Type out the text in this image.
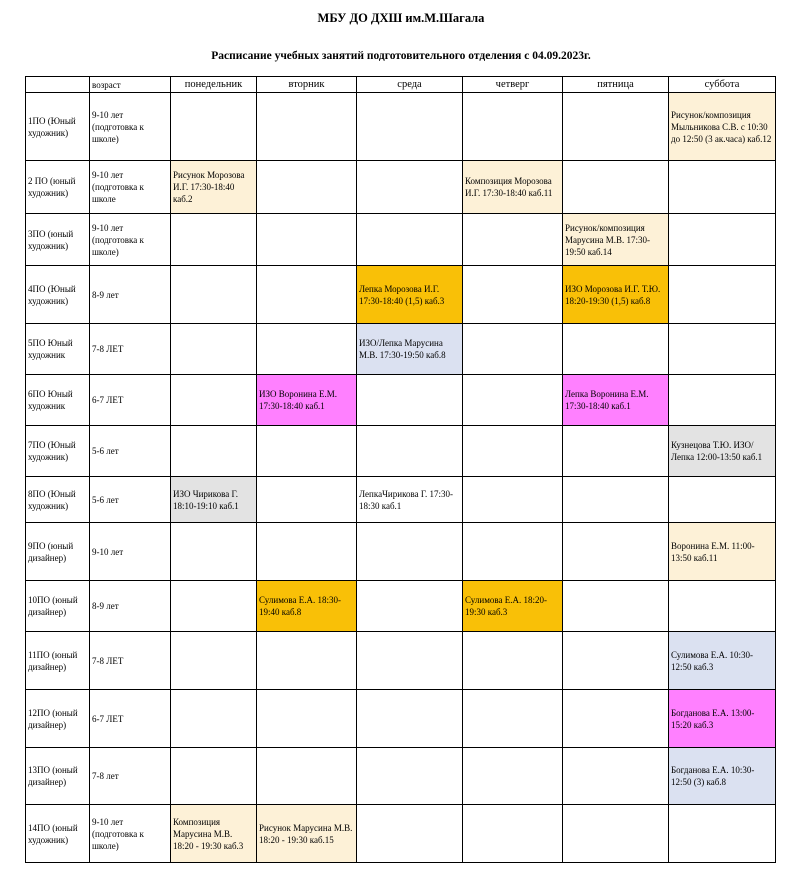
МБУ ДО ДХШ им.М.Шагала
Расписание учебных занятий подготовительного отделения с 04.09.2023г.
	возраст	понедельник	вторник	среда	четверг	пятница	суббота
1ПО (Юный художник)	9-10 лет (подготовка к школе)						Рисунок/композиция Мыльникова С.В. с 10:30 до 12:50 (3 ак.часа) каб.12
2 ПО (юный художник)	9-10 лет (подготовка к школе	Рисунок Морозова И.Г. 17:30-18:40 каб.2			Композиция Морозова И.Г. 17:30-18:40 каб.11		
3ПО (юный художник)	9-10 лет (подготовка к школе)					Рисунок/композиция Марусина М.В. 17:30-19:50 каб.14	
4ПО (Юный художник)	8-9 лет			Лепка Морозова И.Г. 17:30-18:40 (1,5) каб.3		ИЗО Морозова И.Г. Т.Ю. 18:20-19:30 (1,5) каб.8	
5ПО Юный художник	7-8 ЛЕТ			ИЗО/Лепка Марусина М.В. 17:30-19:50 каб.8			
6ПО Юный художник	6-7 ЛЕТ		ИЗО Воронина Е.М. 17:30-18:40 каб.1			Лепка Воронина Е.М. 17:30-18:40 каб.1	
7ПО (Юный художник)	5-6 лет						Кузнецова Т.Ю. ИЗО/Лепка 12:00-13:50 каб.1
8ПО (Юный художник)	5-6 лет	ИЗО Чирикова Г. 18:10-19:10 каб.1		ЛепкаЧирикова Г. 17:30-18:30 каб.1			
9ПО (юный дизайнер)	9-10 лет						Воронина Е.М. 11:00-13:50 каб.11
10ПО (юный дизайнер)	8-9 лет		Сулимова Е.А. 18:30-19:40 каб.8		Сулимова Е.А. 18:20-19:30 каб.3		
11ПО (юный дизайнер)	7-8 ЛЕТ						Сулимова Е.А. 10:30-12:50 каб.3
12ПО (юный дизайнер)	6-7 ЛЕТ						Богданова Е.А. 13:00-15:20 каб.3
13ПО (юный дизайнер)	7-8 лет						Богданова Е.А. 10:30-12:50 (3) каб.8
14ПО (юный художник)	9-10 лет (подготовка к школе)	Композиция Марусина М.В. 18:20 - 19:30 каб.3	Рисунок Марусина М.В. 18:20 - 19:30 каб.15				
